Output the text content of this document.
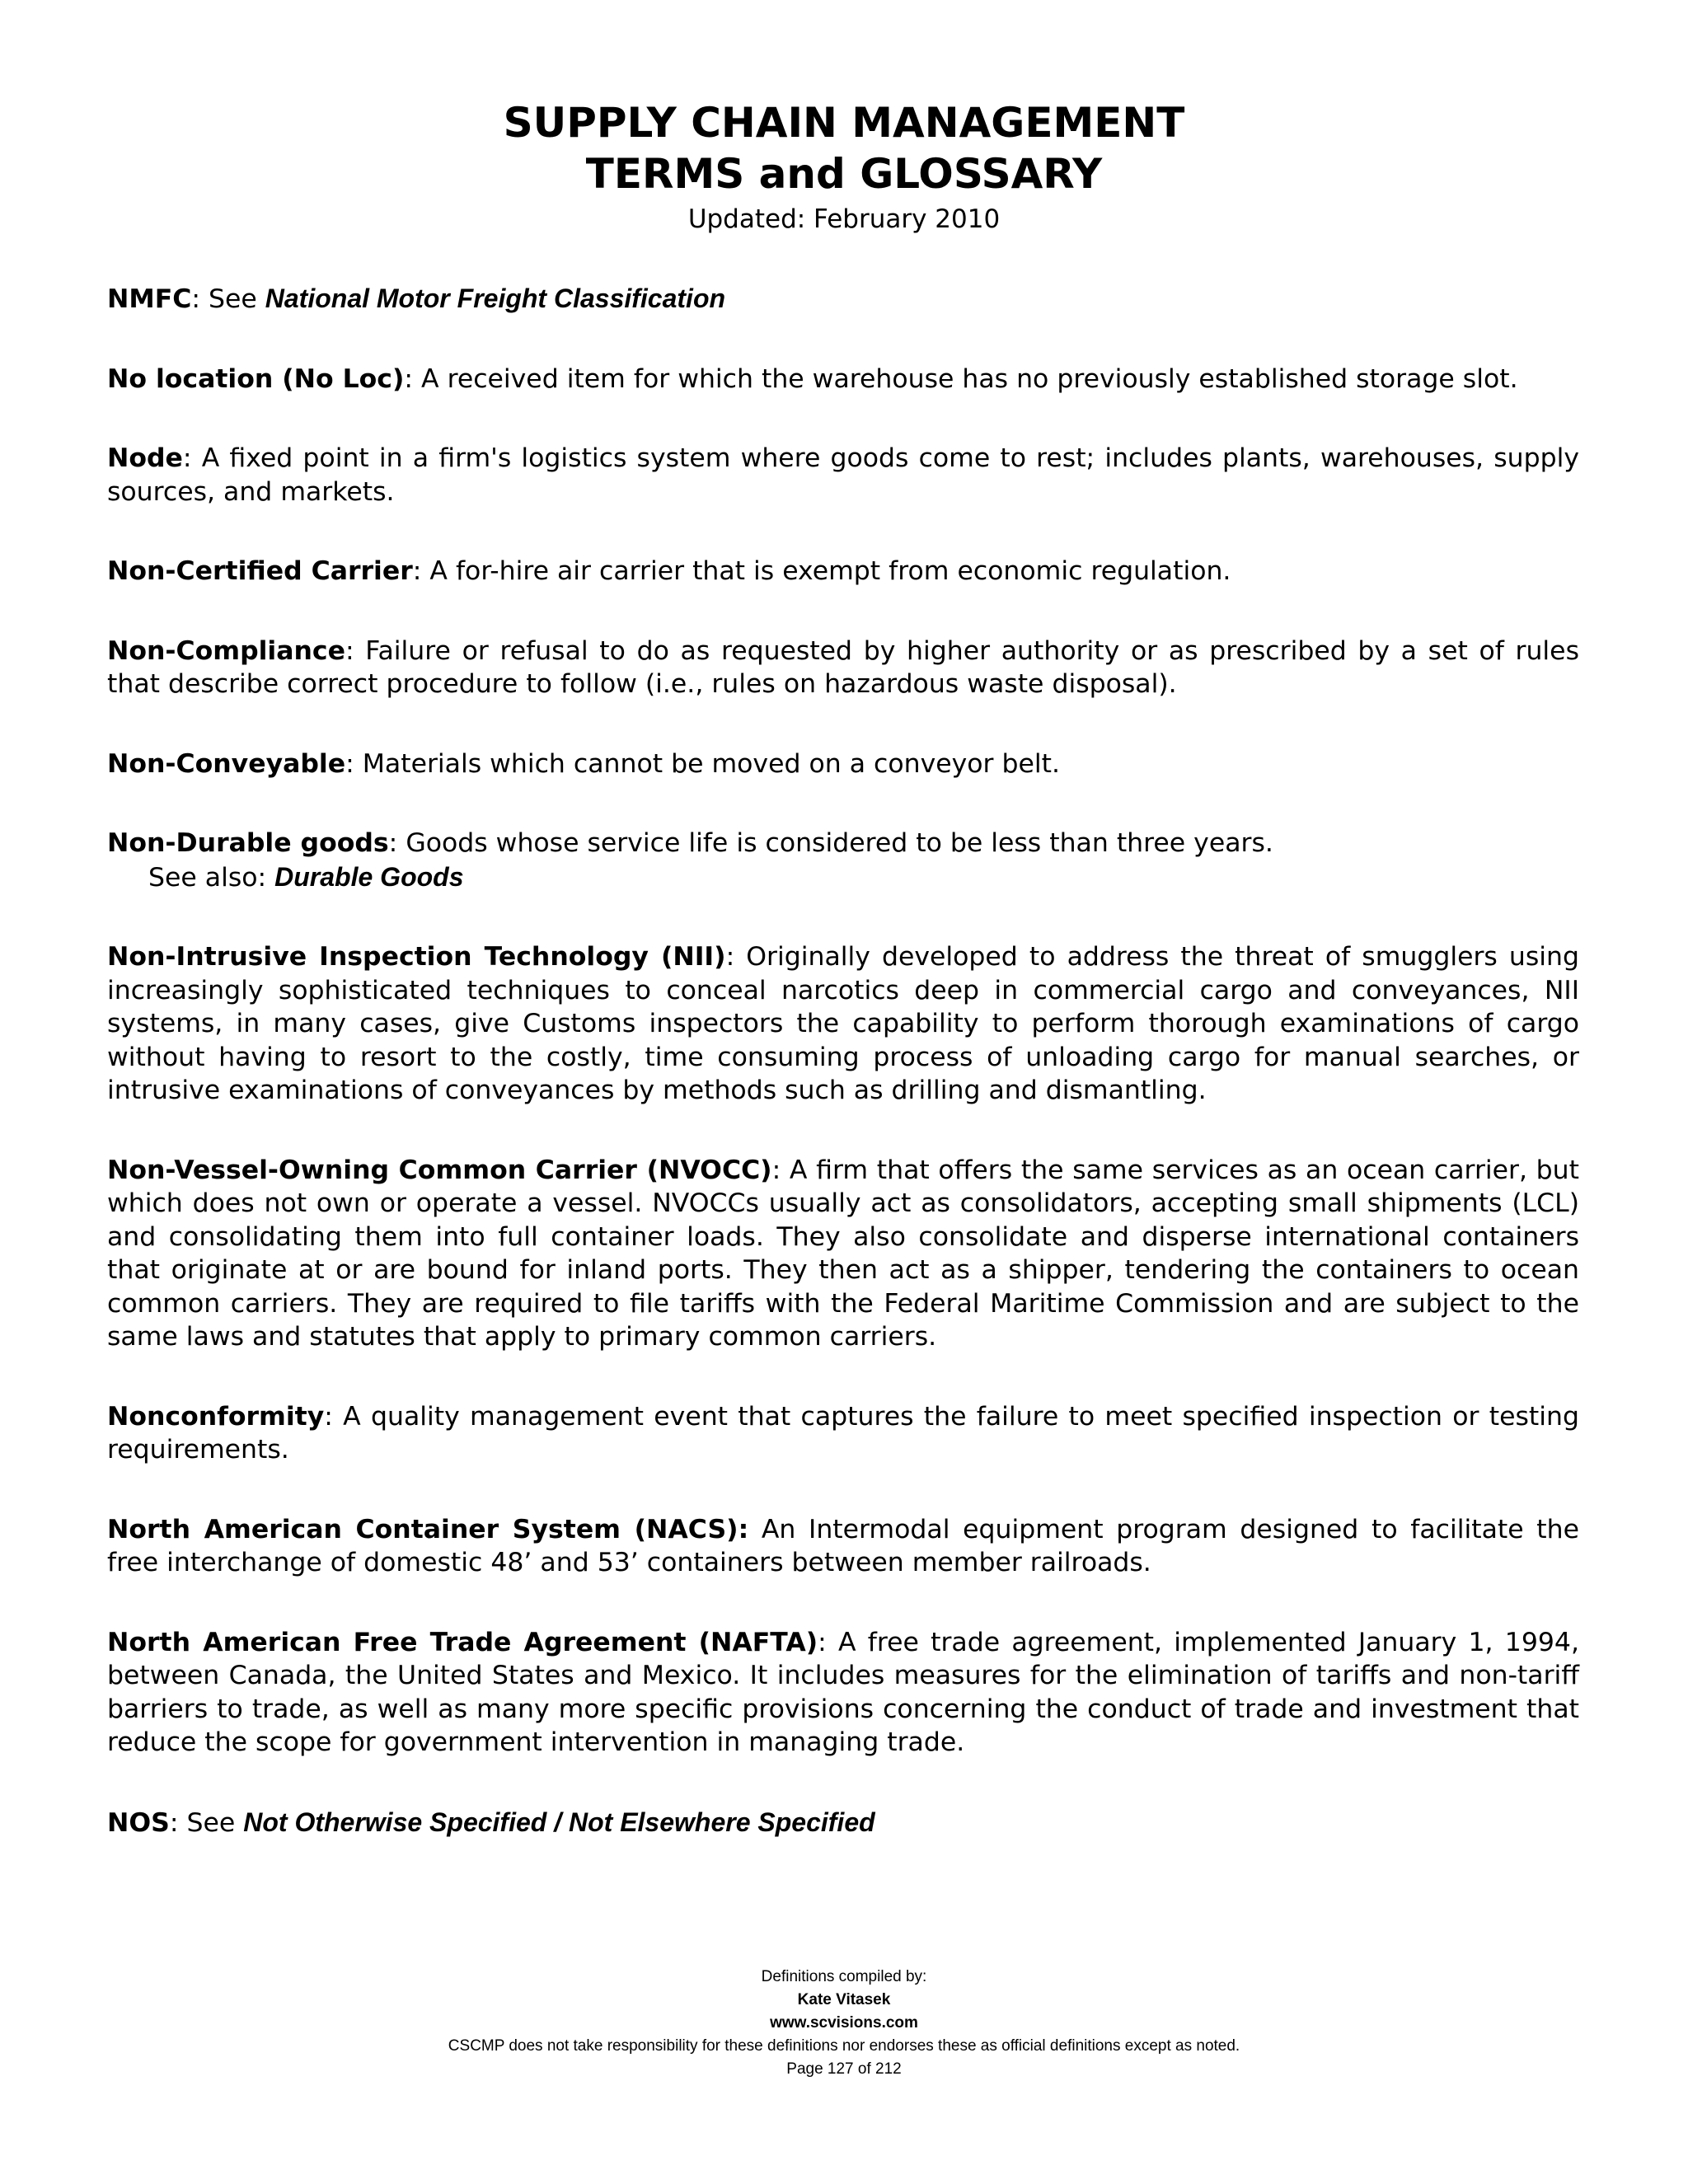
SUPPLY CHAIN MANAGEMENT
TERMS and GLOSSARY
Updated: February 2010

NMFC: See National Motor Freight Classification

No location (No Loc): A received item for which the warehouse has no previously established storage slot.

Node: A fixed point in a firm's logistics system where goods come to rest; includes plants, warehouses, supply sources, and markets.

Non-Certified Carrier: A for-hire air carrier that is exempt from economic regulation.

Non-Compliance: Failure or refusal to do as requested by higher authority or as prescribed by a set of rules that describe correct procedure to follow (i.e., rules on hazardous waste disposal).

Non-Conveyable: Materials which cannot be moved on a conveyor belt.

Non-Durable goods: Goods whose service life is considered to be less than three years.
See also: Durable Goods

Non-Intrusive Inspection Technology (NII): Originally developed to address the threat of smugglers using increasingly sophisticated techniques to conceal narcotics deep in commercial cargo and conveyances, NII systems, in many cases, give Customs inspectors the capability to perform thorough examinations of cargo without having to resort to the costly, time consuming process of unloading cargo for manual searches, or intrusive examinations of conveyances by methods such as drilling and dismantling.

Non-Vessel-Owning Common Carrier (NVOCC): A firm that offers the same services as an ocean carrier, but which does not own or operate a vessel. NVOCCs usually act as consolidators, accepting small shipments (LCL) and consolidating them into full container loads. They also consolidate and disperse international containers that originate at or are bound for inland ports. They then act as a shipper, tendering the containers to ocean common carriers. They are required to file tariffs with the Federal Maritime Commission and are subject to the same laws and statutes that apply to primary common carriers.

Nonconformity: A quality management event that captures the failure to meet specified inspection or testing requirements.

North American Container System (NACS): An Intermodal equipment program designed to facilitate the free interchange of domestic 48’ and 53’ containers between member railroads.

North American Free Trade Agreement (NAFTA): A free trade agreement, implemented January 1, 1994, between Canada, the United States and Mexico. It includes measures for the elimination of tariffs and non-tariff barriers to trade, as well as many more specific provisions concerning the conduct of trade and investment that reduce the scope for government intervention in managing trade.

NOS: See Not Otherwise Specified / Not Elsewhere Specified

Definitions compiled by:
Kate Vitasek
www.scvisions.com
CSCMP does not take responsibility for these definitions nor endorses these as official definitions except as noted.
Page 127 of 212
